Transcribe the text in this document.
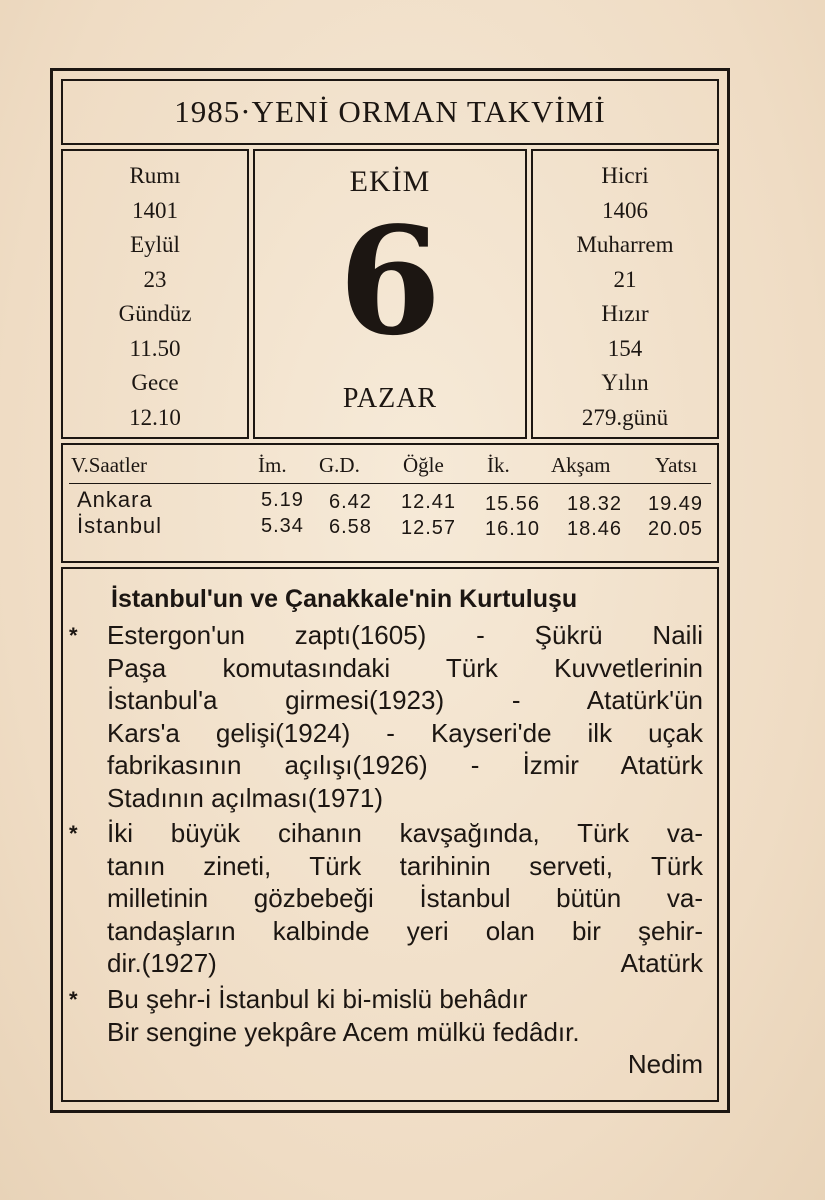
1985·YENİ ORMAN TAKVİMİ
Rumı
1401
Eylül
23
Gündüz
11.50
Gece
12.10
EKİM
6
PAZAR
Hicri
1406
Muharrem
21
Hızır
154
Yılın
279.günü
V.Saatler	İm. G.D. Öğle İk. Akşam Yatsı
Ankara	5.19 6.42 12.41 15.56 18.32 19.49
İstanbul	5.34 6.58 12.57 16.10 18.46 20.05
İstanbul'un ve Çanakkale'nin Kurtuluşu
* Estergon'un zaptı(1605) - Şükrü Naili
Paşa komutasındaki Türk Kuvvetlerinin
İstanbul'a girmesi(1923) - Atatürk'ün
Kars'a gelişi(1924) - Kayseri'de ilk uçak
fabrikasının açılışı(1926) - İzmir Atatürk
Stadının açılması(1971)
* İki büyük cihanın kavşağında, Türk va-
tanın zineti, Türk tarihinin serveti, Türk
milletinin gözbebeği İstanbul bütün va-
tandaşların kalbinde yeri olan bir şehir-
dir.(1927)	Atatürk
* Bu şehr-i İstanbul ki bi-mislü behâdır
Bir sengine yekpâre Acem mülkü fedâdır.
Nedim
